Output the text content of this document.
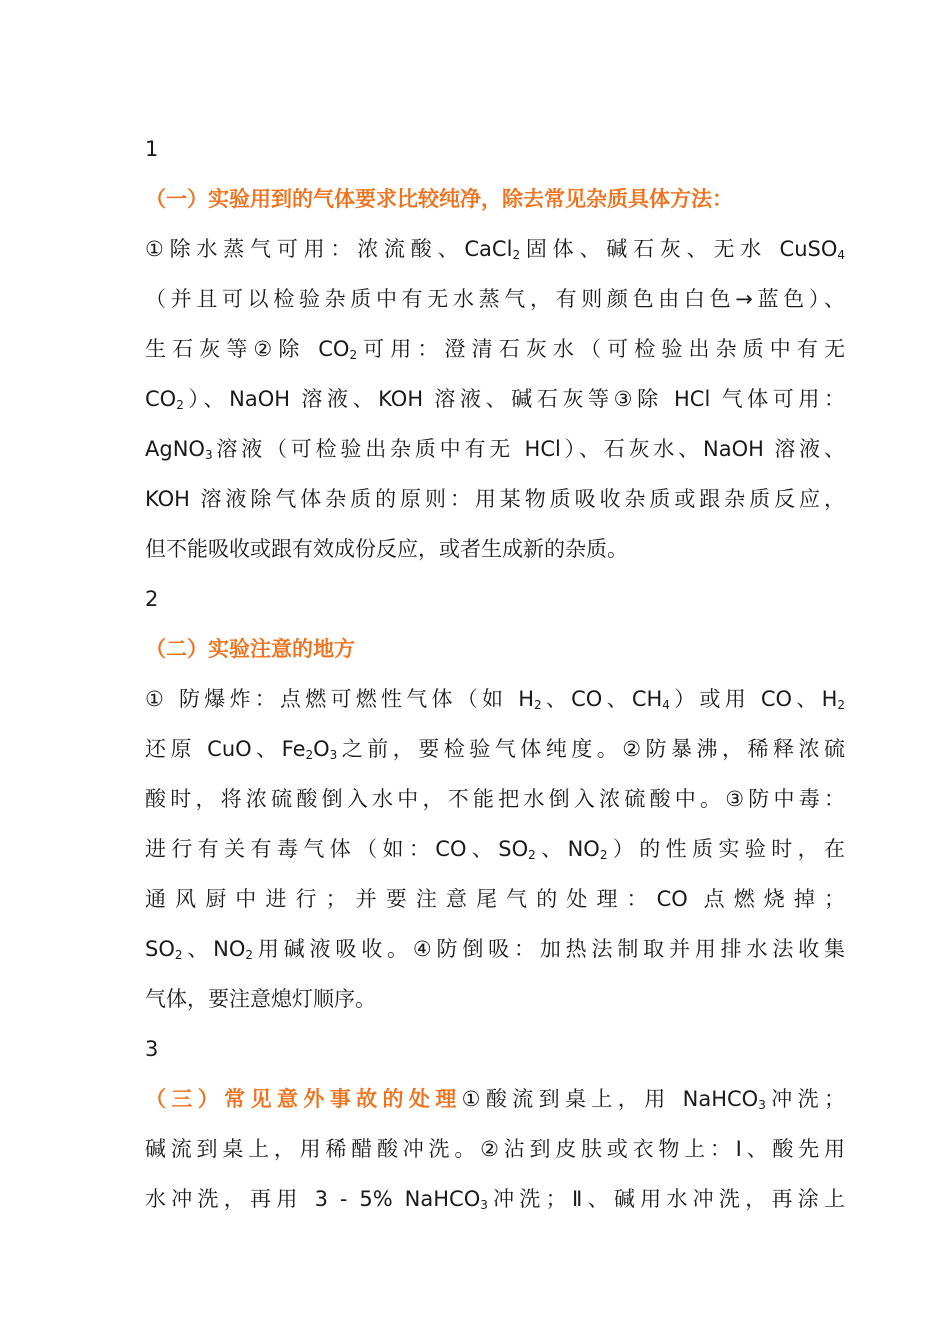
1
（一）实验用到的气体要求比较纯净，除去常见杂质具体方法：
①除水蒸气可用：浓流酸、CaCl$_2$固体、碱石灰、无水 CuSO$_4$
（并且可以检验杂质中有无水蒸气，有则颜色由白色→蓝色）、
生石灰等②除 $CO_2$可用：澄清石灰水（可检验出杂质中有无
$CO_2$）、NaOH 溶液、KOH 溶液、碱石灰等③除 HCl 气体可用：
AgNO$_3$溶液（可检验出杂质中有无 HCl）、石灰水、NaOH 溶液、
KOH 溶液除气体杂质的原则：用某物质吸收杂质或跟杂质反应，
但不能吸收或跟有效成份反应，或者生成新的杂质。
2
（二）实验注意的地方
① 防爆炸：点燃可燃性气体（如 $H_2$、CO、$CH_4$）或用 CO、$H_2$
还原 CuO、$Fe_2O_3$之前，要检验气体纯度。②防暴沸，稀释浓硫
酸时，将浓硫酸倒入水中，不能把水倒入浓硫酸中。③防中毒：
进行有关有毒气体（如：CO、$SO_2$、$NO_2$）的性质实验时，在
通风厨中进行；并要注意尾气的处理：CO 点燃烧掉；
$SO_2$、$NO_2$用碱液吸收。④防倒吸：加热法制取并用排水法收集
气体，要注意熄灯顺序。
3
（三）常见意外事故的处理①酸流到桌上，用 NaHCO$_3$冲洗；
碱流到桌上，用稀醋酸冲洗。②沾到皮肤或衣物上：Ⅰ、酸先用
水冲洗，再用 3 - 5% NaHCO$_3$冲洗；Ⅱ、碱用水冲洗，再涂上
